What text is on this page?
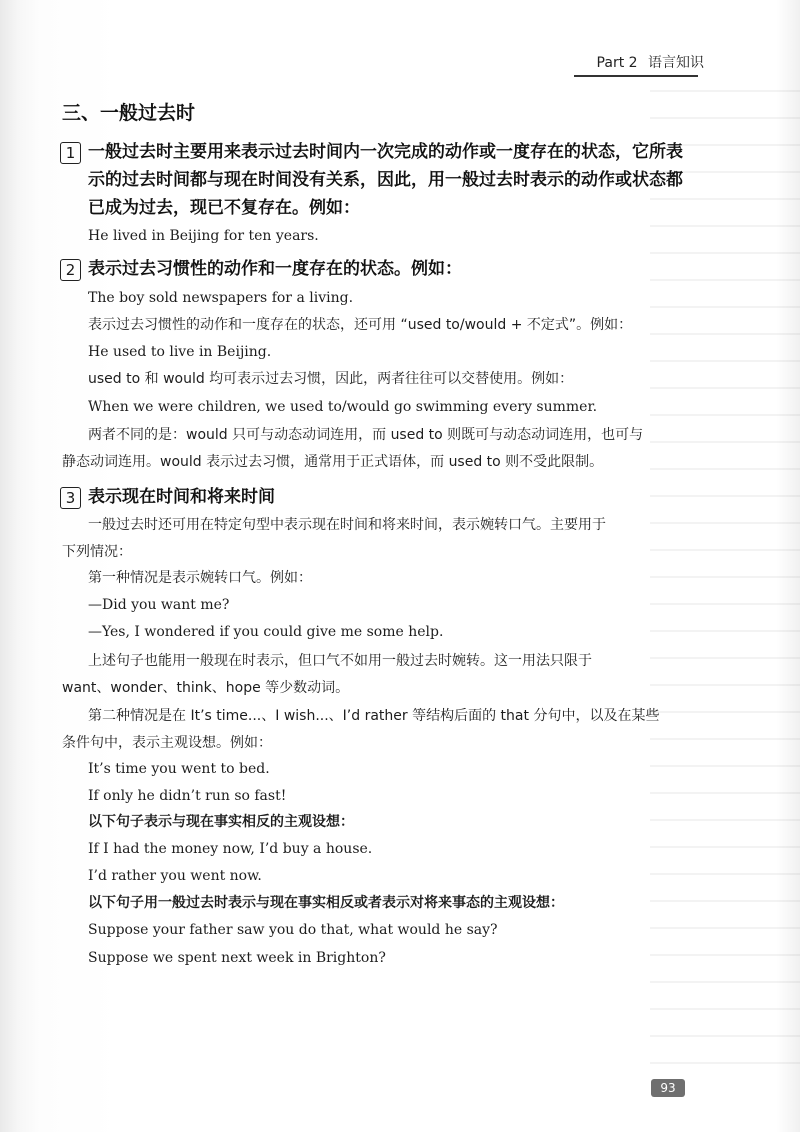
Part 2 语言知识
三、一般过去时
1 一般过去时主要用来表示过去时间内一次完成的动作或一度存在的状态，它所表
示的过去时间都与现在时间没有关系，因此，用一般过去时表示的动作或状态都
已成为过去，现已不复存在。例如：
He lived in Beijing for ten years.
2 表示过去习惯性的动作和一度存在的状态。例如：
The boy sold newspapers for a living.
表示过去习惯性的动作和一度存在的状态，还可用 “used to/would + 不定式”。例如：
He used to live in Beijing.
used to 和 would 均可表示过去习惯，因此，两者往往可以交替使用。例如：
When we were children, we used to/would go swimming every summer.
两者不同的是：would 只可与动态动词连用，而 used to 则既可与动态动词连用，也可与
静态动词连用。would 表示过去习惯，通常用于正式语体，而 used to 则不受此限制。
3 表示现在时间和将来时间
一般过去时还可用在特定句型中表示现在时间和将来时间，表示婉转口气。主要用于
下列情况：
第一种情况是表示婉转口气。例如：
—Did you want me?
—Yes, I wondered if you could give me some help.
上述句子也能用一般现在时表示，但口气不如用一般过去时婉转。这一用法只限于
want、wonder、think、hope 等少数动词。
第二种情况是在 It’s time...、I wish...、I’d rather 等结构后面的 that 分句中，以及在某些
条件句中，表示主观设想。例如：
It’s time you went to bed.
If only he didn’t run so fast!
以下句子表示与现在事实相反的主观设想：
If I had the money now, I’d buy a house.
I’d rather you went now.
以下句子用一般过去时表示与现在事实相反或者表示对将来事态的主观设想：
Suppose your father saw you do that, what would he say?
Suppose we spent next week in Brighton?
93
